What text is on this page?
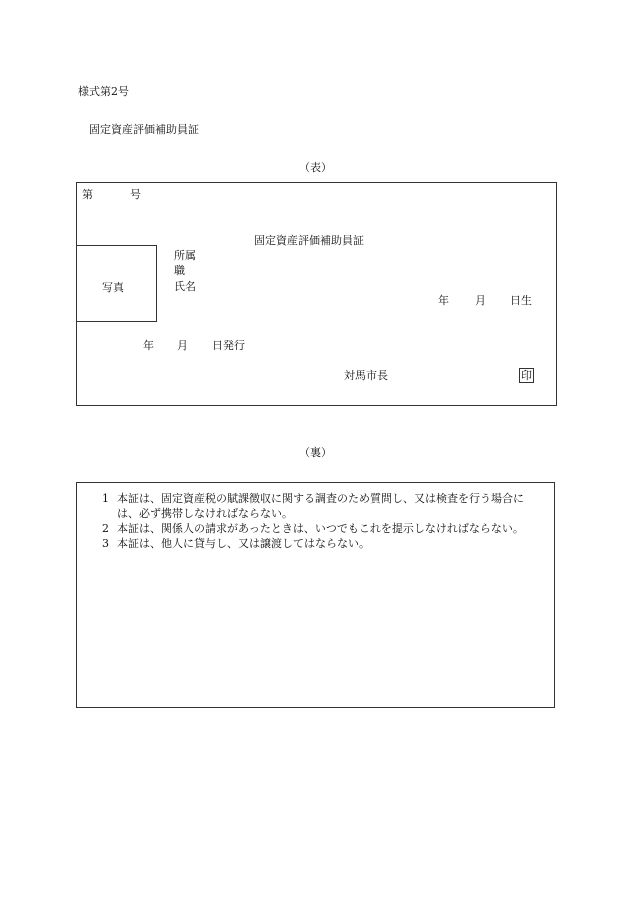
様式第2号
固定資産評価補助員証
（表）
第	号
固定資産評価補助員証
写真
所属
職
氏名
年 月 日生
年 月 日発行
対馬市長	印
（裏）
1 本証は、固定資産税の賦課徴収に関する調査のため質問し、又は検査を行う場合には、必ず携帯しなければならない。
2 本証は、関係人の請求があったときは、いつでもこれを提示しなければならない。
3 本証は、他人に貸与し、又は譲渡してはならない。
